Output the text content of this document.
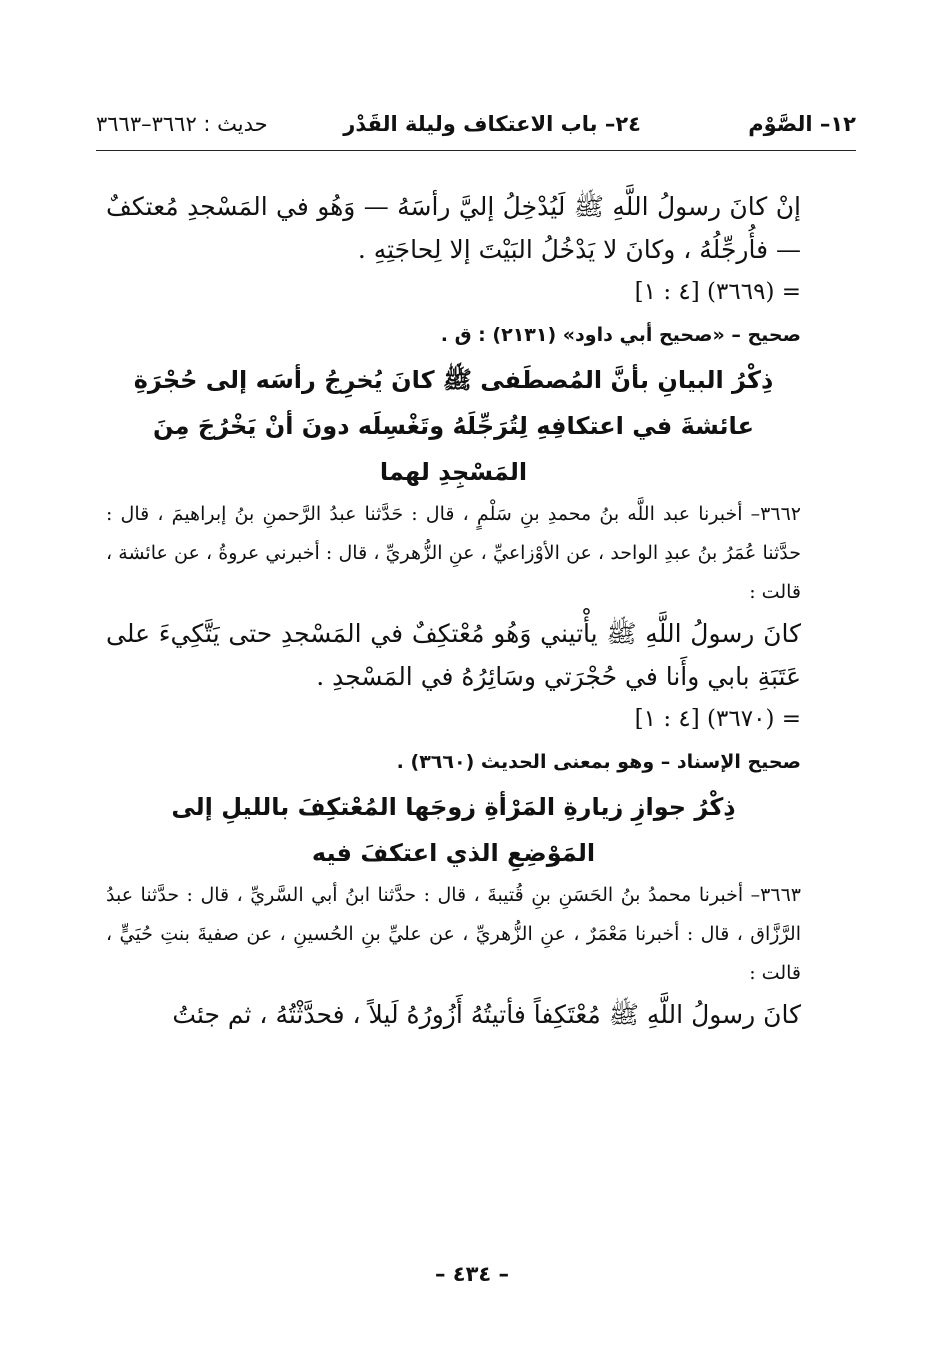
١٢– الصَّوْم
٢٤– باب الاعتكاف وليلة القَدْر
حديث : ٣٦٦٢–٣٦٦٣

إنْ كانَ رسولُ اللَّهِ ﷺ لَيُدْخِلُ إليَّ رأسَهُ — وَهُو في المَسْجدِ مُعتكفٌ — فأُرجِّلُهُ ، وكانَ لا يَدْخُلُ البَيْتَ إلا لِحاجَتِهِ .

= (٣٦٦٩) [٤ : ١]

صحيح – «صحيح أبي داود» (٢١٣١) : ق .

ذِكْرُ البيانِ بأنَّ المُصطَفى ﷺ كانَ يُخرِجُ رأسَه إلى حُجْرَةِ عائشةَ في اعتكافِهِ لِتُرَجِّلَهُ وتَغْسِلَه دونَ أنْ يَخْرُجَ مِنَ المَسْجِدِ لهما

٣٦٦٢– أخبرنا عبد اللَّه بنُ محمدِ بنِ سَلْمٍ ، قال : حَدَّثنا عبدُ الرَّحمنِ بنُ إبراهيمَ ، قال : حدَّثنا عُمَرُ بنُ عبدِ الواحد ، عن الأوْزاعيِّ ، عنِ الزُّهريِّ ، قال : أخبرني عروةُ ، عن عائشة ، قالت :

كانَ رسولُ اللَّهِ ﷺ يأْتيني وَهُو مُعْتكِفٌ في المَسْجدِ حتى يَتَّكِيءَ على عَتَبَةِ بابي وأَنا في حُجْرَتي وسَائِرُهُ في المَسْجدِ .

= (٣٦٧٠) [٤ : ١]

صحيح الإسناد – وهو بمعنى الحديث (٣٦٦٠) .

ذِكْرُ جوازِ زيارةِ المَرْأةِ زوجَها المُعْتكِفَ بالليلِ إلى المَوْضِعِ الذي اعتكفَ فيه

٣٦٦٣– أخبرنا محمدُ بنُ الحَسَنِ بنِ قُتيبةَ ، قال : حدَّثنا ابنُ أبي السَّريِّ ، قال : حدَّثنا عبدُ الرَّزَّاق ، قال : أخبرنا مَعْمَرٌ ، عنِ الزُّهريِّ ، عن عليِّ بنِ الحُسينِ ، عن صفيةَ بنتِ حُيَيٍّ ، قالت :

كانَ رسولُ اللَّهِ ﷺ مُعْتَكِفاً فأتيتُهُ أَزُورُهُ لَيلاً ، فحدَّثْتُهُ ، ثم جئتُ

– ٤٣٤ –
